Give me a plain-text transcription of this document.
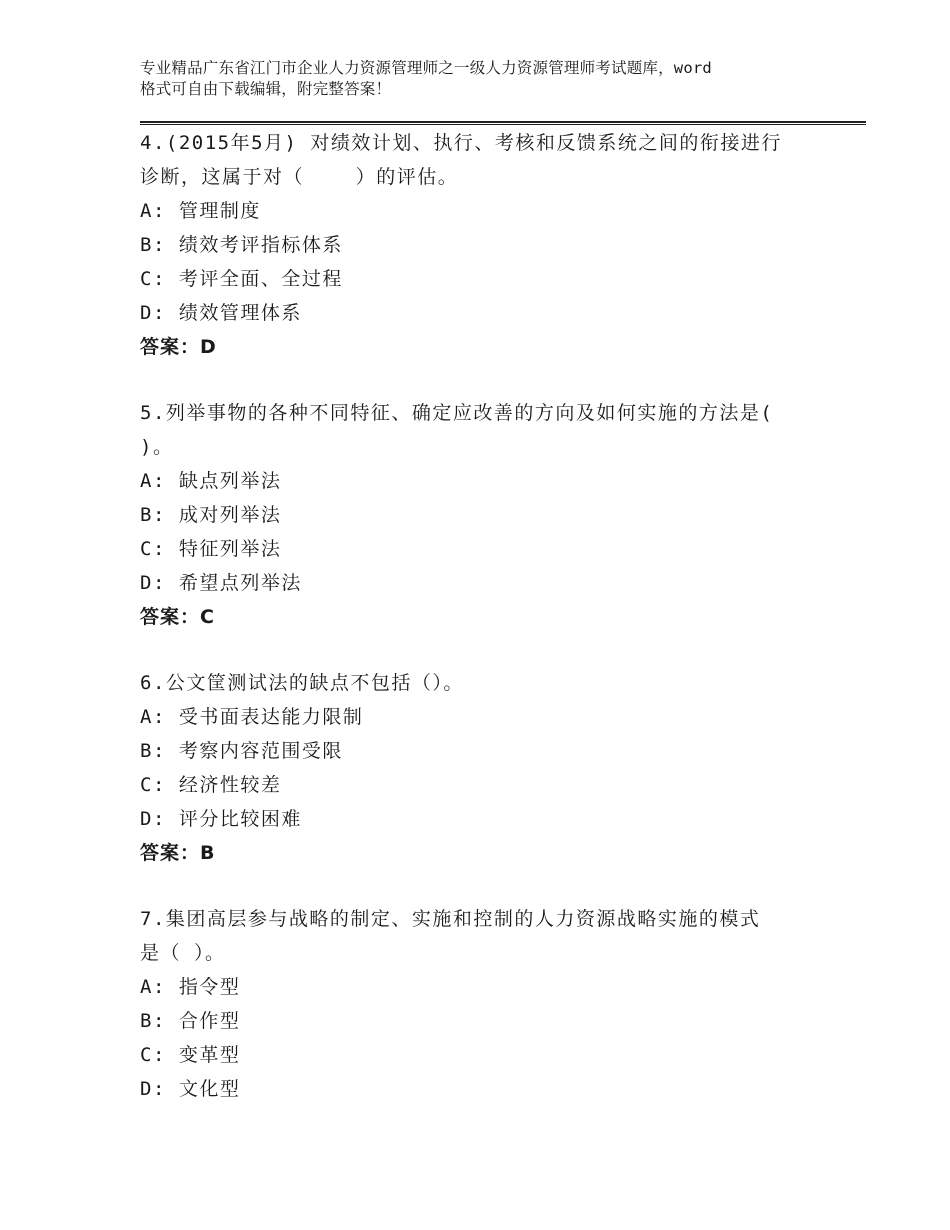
专业精品广东省江门市企业人力资源管理师之一级人力资源管理师考试题库，word
格式可自由下载编辑，附完整答案！

4.(2015年5月) 对绩效计划、执行、考核和反馈系统之间的衔接进行

诊断，这属于对（    ）的评估。

A: 管理制度

B: 绩效考评指标体系

C: 考评全面、全过程

D: 绩效管理体系

答案：D

5.列举事物的各种不同特征、确定应改善的方向及如何实施的方法是(

)。

A: 缺点列举法

B: 成对列举法

C: 特征列举法

D: 希望点列举法

答案：C

6.公文筐测试法的缺点不包括（）。

A: 受书面表达能力限制

B: 考察内容范围受限

C: 经济性较差

D: 评分比较困难

答案：B

7.集团高层参与战略的制定、实施和控制的人力资源战略实施的模式

是（ ）。

A: 指令型

B: 合作型

C: 变革型

D: 文化型
